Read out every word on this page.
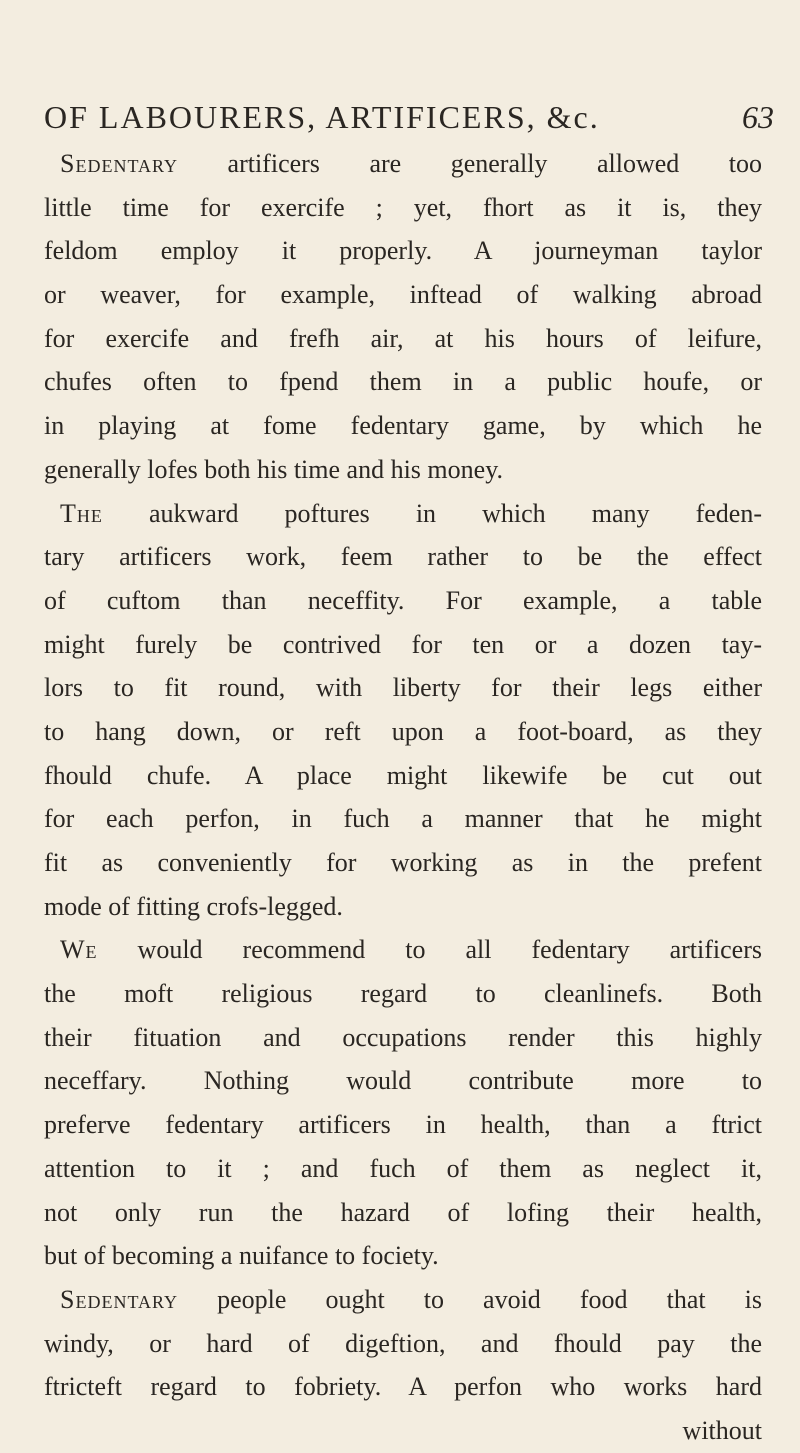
OF LABOURERS, ARTIFICERS, &c.	63
Sedentary artificers are generally allowed too
little time for exercife ; yet, fhort as it is, they
feldom employ it properly. A journeyman taylor
or weaver, for example, inftead of walking abroad
for exercife and frefh air, at his hours of leifure,
chufes often to fpend them in a public houfe, or
in playing at fome fedentary game, by which he
generally lofes both his time and his money.
The aukward poftures in which many feden-
tary artificers work, feem rather to be the effect
of cuftom than neceffity. For example, a table
might furely be contrived for ten or a dozen tay-
lors to fit round, with liberty for their legs either
to hang down, or reft upon a foot-board, as they
fhould chufe. A place might likewife be cut out
for each perfon, in fuch a manner that he might
fit as conveniently for working as in the prefent
mode of fitting crofs-legged.
We would recommend to all fedentary artificers
the moft religious regard to cleanlinefs. Both
their fituation and occupations render this highly
neceffary. Nothing would contribute more to
preferve fedentary artificers in health, than a ftrict
attention to it ; and fuch of them as neglect it,
not only run the hazard of lofing their health,
but of becoming a nuifance to fociety.
Sedentary people ought to avoid food that is
windy, or hard of digeftion, and fhould pay the
ftricteft regard to fobriety. A perfon who works hard
without
